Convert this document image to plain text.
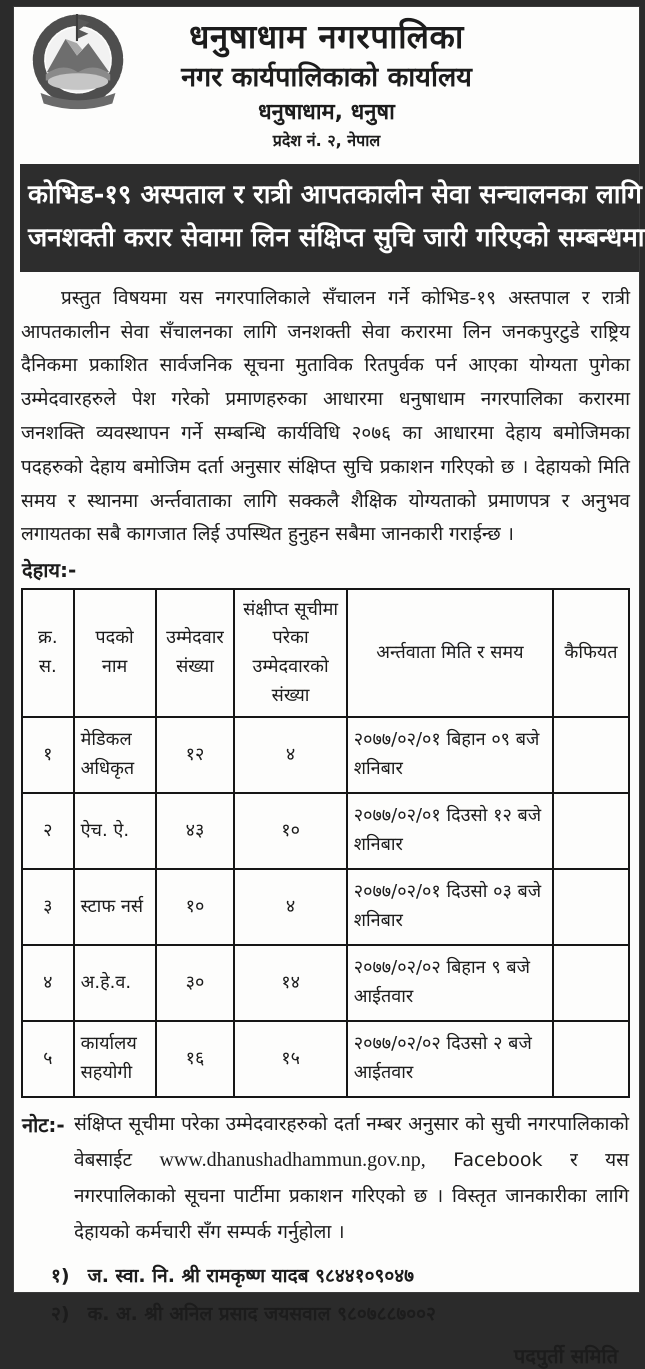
धनुषाधाम नगरपालिका
नगर कार्यपालिकाको कार्यालय
धनुषाधाम, धनुषा
प्रदेश नं. २, नेपाल
कोभिड-१९ अस्पताल र रात्री आपतकालीन सेवा सन्चालनका लागि
जनशक्ती करार सेवामा लिन संक्षिप्त सुचि जारी गरिएको सम्बन्धमा

प्रस्तुत विषयमा यस नगरपालिकाले सँचालन गर्ने कोभिड-१९ अस्तपाल र रात्री आपतकालीन सेवा सँचालनका लागि जनशक्ती सेवा करारमा लिन जनकपुरटुडे राष्ट्रिय दैनिकमा प्रकाशित सार्वजनिक सूचना मुताविक रितपुर्वक पर्न आएका योग्यता पुगेका उम्मेदवारहरुले पेश गरेको प्रमाणहरुका आधारमा धनुषाधाम नगरपालिका करारमा जनशक्ति व्यवस्थापन गर्ने सम्बन्धि कार्यविधि २०७६ का आधारमा देहाय बमोजिमका पदहरुको देहाय बमोजिम दर्ता अनुसार संक्षिप्त सुचि प्रकाशन गरिएको छ । देहायको मिति समय र स्थानमा अर्न्तवाताका लागि सक्कलै शैक्षिक योग्यताको प्रमाणपत्र र अनुभव लगायतका सबै कागजात लिई उपस्थित हुनुहन सबैमा जानकारी गराईन्छ ।

देहाय:-
क्र. स.	पदको नाम	उम्मेदवार संख्या	संक्षीप्त सूचीमा परेका उम्मेदवारको संख्या	अर्न्तवाता मिति र समय	कैफियत
१	मेडिकल अधिकृत	१२	४	२०७७/०२/०१ बिहान ०९ बजे शनिबार	
२	ऐच. ऐ.	४३	१०	२०७७/०२/०१ दिउसो १२ बजे शनिबार	
३	स्टाफ नर्स	१०	४	२०७७/०२/०१ दिउसो ०३ बजे शनिबार	
४	अ.हे.व.	३०	१४	२०७७/०२/०२ बिहान ९ बजे आईतवार	
५	कार्यालय सहयोगी	१६	१५	२०७७/०२/०२ दिउसो २ बजे आईतवार	
नोट:- संक्षिप्त सूचीमा परेका उम्मेदवारहरुको दर्ता नम्बर अनुसार को सुची नगरपालिकाको वेबसाईट www.dhanushadhammun.gov.np, Facebook र यस नगरपालिकाको सूचना पार्टीमा प्रकाशन गरिएको छ । विस्तृत जानकारीका लागि देहायको कर्मचारी सँग सम्पर्क गर्नुहोला ।
१) ज. स्वा. नि. श्री रामकृष्ण यादब ९८४४१०९०४७
२) क. अ. श्री अनिल प्रसाद जयसवाल ९८०७८८७००२
पदपुर्ती समिति
